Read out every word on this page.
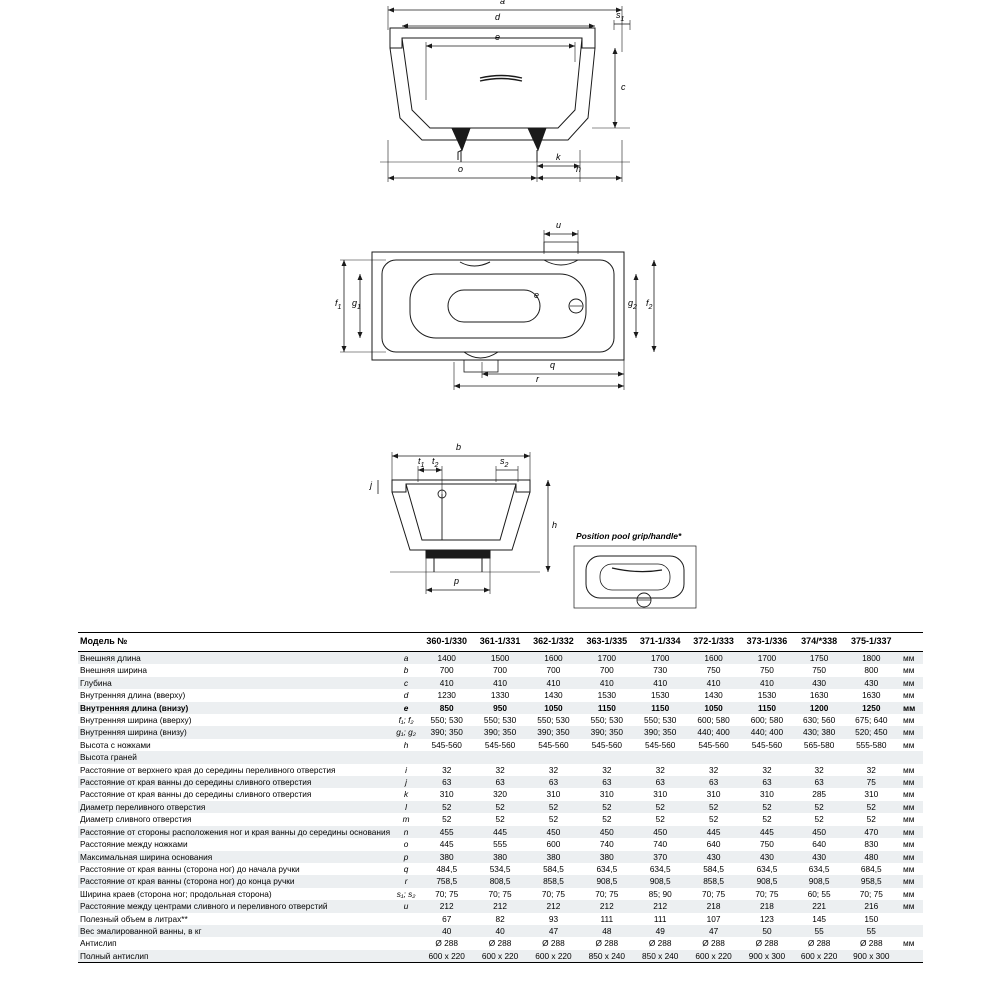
a
d
e
$s_1$
c
o
k
n
u
$f_1$ $g_1$
e
$g_2$ $f_2$
q
r
b
$t_1$ $t_2$	$s_2$
j
h
p
Position pool grip/handle*
Модель №		360-1/330	361-1/331	362-1/332	363-1/335	371-1/334	372-1/333	373-1/336	374/*338	375-1/337	
Внешняя длина	a	1400	1500	1600	1700	1700	1600	1700	1750	1800	мм
Внешняя ширина	b	700	700	700	700	730	750	750	750	800	мм
Глубина	c	410	410	410	410	410	410	410	430	430	мм
Внутренняя длина (вверху)	d	1230	1330	1430	1530	1530	1430	1530	1630	1630	мм
Внутренняя длина (внизу)	e	850	950	1050	1150	1150	1050	1150	1200	1250	мм
Внутренняя ширина (вверху)	f₁; f₂	550; 530	550; 530	550; 530	550; 530	550; 530	600; 580	600; 580	630; 560	675; 640	мм
Внутренняя ширина (внизу)	g₁; g₂	390; 350	390; 350	390; 350	390; 350	390; 350	440; 400	440; 400	430; 380	520; 450	мм
Высота с ножками	h	545-560	545-560	545-560	545-560	545-560	545-560	545-560	565-580	555-580	мм
Высота граней											
Расстояние от верхнего края до середины переливного отверстия	i	32	32	32	32	32	32	32	32	32	мм
Расстояние от края ванны до середины сливного отверстия	j	63	63	63	63	63	63	63	63	75	мм
Расстояние от края ванны до середины сливного отверстия	k	310	320	310	310	310	310	310	285	310	мм
Диаметр переливного отверстия	l	52	52	52	52	52	52	52	52	52	мм
Диаметр сливного отверстия	m	52	52	52	52	52	52	52	52	52	мм
Расстояние от стороны расположения ног и края ванны до середины основания	n	455	445	450	450	450	445	445	450	470	мм
Расстояние между ножками	o	445	555	600	740	740	640	750	640	830	мм
Максимальная ширина основания	p	380	380	380	380	370	430	430	430	480	мм
Расстояние от края ванны (сторона ног) до начала ручки	q	484,5	534,5	584,5	634,5	634,5	584,5	634,5	634,5	684,5	мм
Расстояние от края ванны (сторона ног) до конца ручки	r	758,5	808,5	858,5	908,5	908,5	858,5	908,5	908,5	958,5	мм
Ширина краев (сторона ног; продольная сторона)	s₁; s₂	70; 75	70; 75	70; 75	70; 75	85; 90	70; 75	70; 75	60; 55	70; 75	мм
Расстояние между центрами сливного и переливного отверстий	u	212	212	212	212	212	218	218	221	216	мм
Полезный объем в литрах**		67	82	93	111	111	107	123	145	150	
Вес эмалированной ванны, в кг		40	40	47	48	49	47	50	55	55	
Антислип		Ø 288	Ø 288	Ø 288	Ø 288	Ø 288	Ø 288	Ø 288	Ø 288	Ø 288	мм
Полный антислип		600 x 220	600 x 220	600 x 220	850 x 240	850 x 240	600 x 220	900 x 300	600 x 220	900 x 300	
